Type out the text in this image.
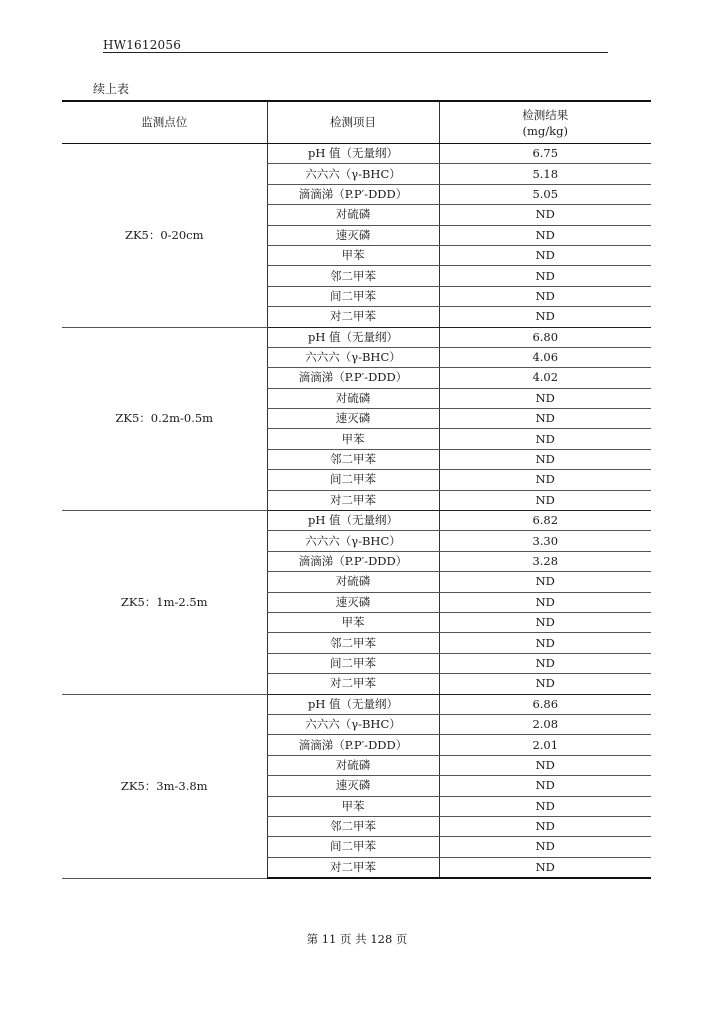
HW1612056
续上表
监测点位	检测项目	检测结果
(mg/kg)

ZK5：0-20cm	pH 值（无量纲）	6.75
	六六六（γ-BHC）	5.18
	滴滴涕（P.P′-DDD）	5.05
	对硫磷	ND
	速灭磷	ND
	甲苯	ND
	邻二甲苯	ND
	间二甲苯	ND
	对二甲苯	ND
ZK5：0.2m-0.5m	pH 值（无量纲）	6.80
	六六六（γ-BHC）	4.06
	滴滴涕（P.P′-DDD）	4.02
	对硫磷	ND
	速灭磷	ND
	甲苯	ND
	邻二甲苯	ND
	间二甲苯	ND
	对二甲苯	ND
ZK5：1m-2.5m	pH 值（无量纲）	6.82
	六六六（γ-BHC）	3.30
	滴滴涕（P.P′-DDD）	3.28
	对硫磷	ND
	速灭磷	ND
	甲苯	ND
	邻二甲苯	ND
	间二甲苯	ND
	对二甲苯	ND
ZK5：3m-3.8m	pH 值（无量纲）	6.86
	六六六（γ-BHC）	2.08
	滴滴涕（P.P′-DDD）	2.01
	对硫磷	ND
	速灭磷	ND
	甲苯	ND
	邻二甲苯	ND
	间二甲苯	ND
	对二甲苯	ND
第 11 页 共 128 页
